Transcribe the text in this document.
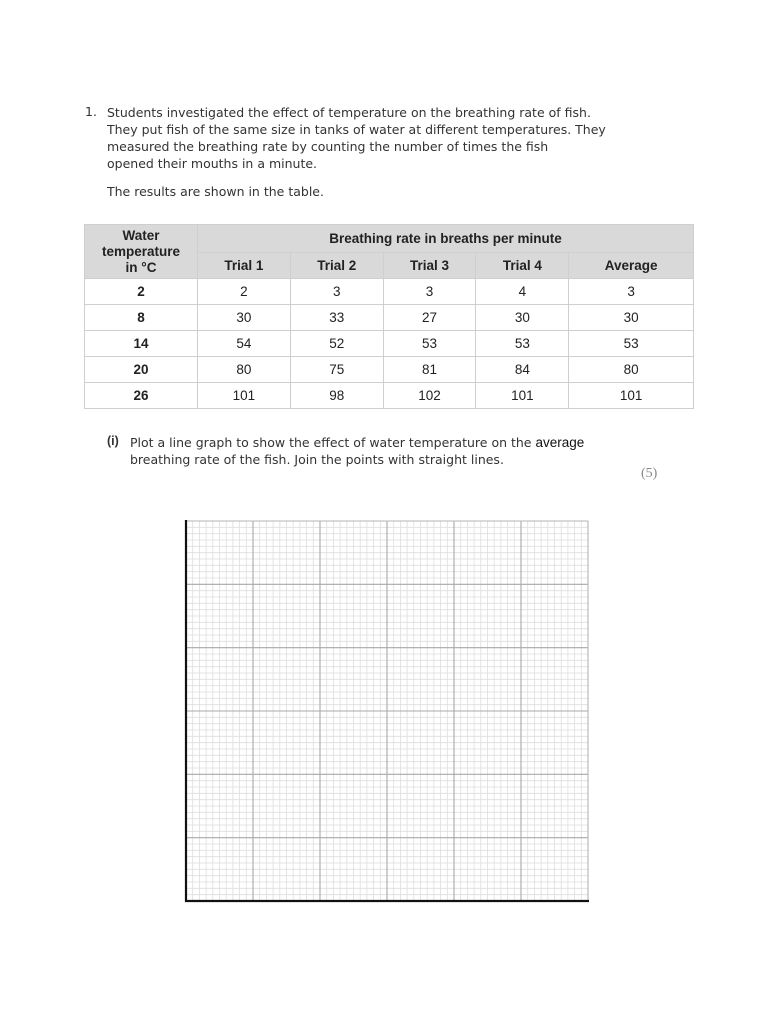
1. Students investigated the effect of temperature on the breathing rate of fish.
They put fish of the same size in tanks of water at different temperatures. They
measured the breathing rate by counting the number of times the fish
opened their mouths in a minute.
The results are shown in the table.
Water
temperature
in °C	Breathing rate in breaths per minute				
	Trial 1	Trial 2	Trial 3	Trial 4	Average
2	2	3	3	4	3
8	30	33	27	30	30
14	54	52	53	53	53
20	80	75	81	84	80
26	101	98	102	101	101
(i) Plot a line graph to show the effect of water temperature on the average
breathing rate of the fish. Join the points with straight lines.
(5)
